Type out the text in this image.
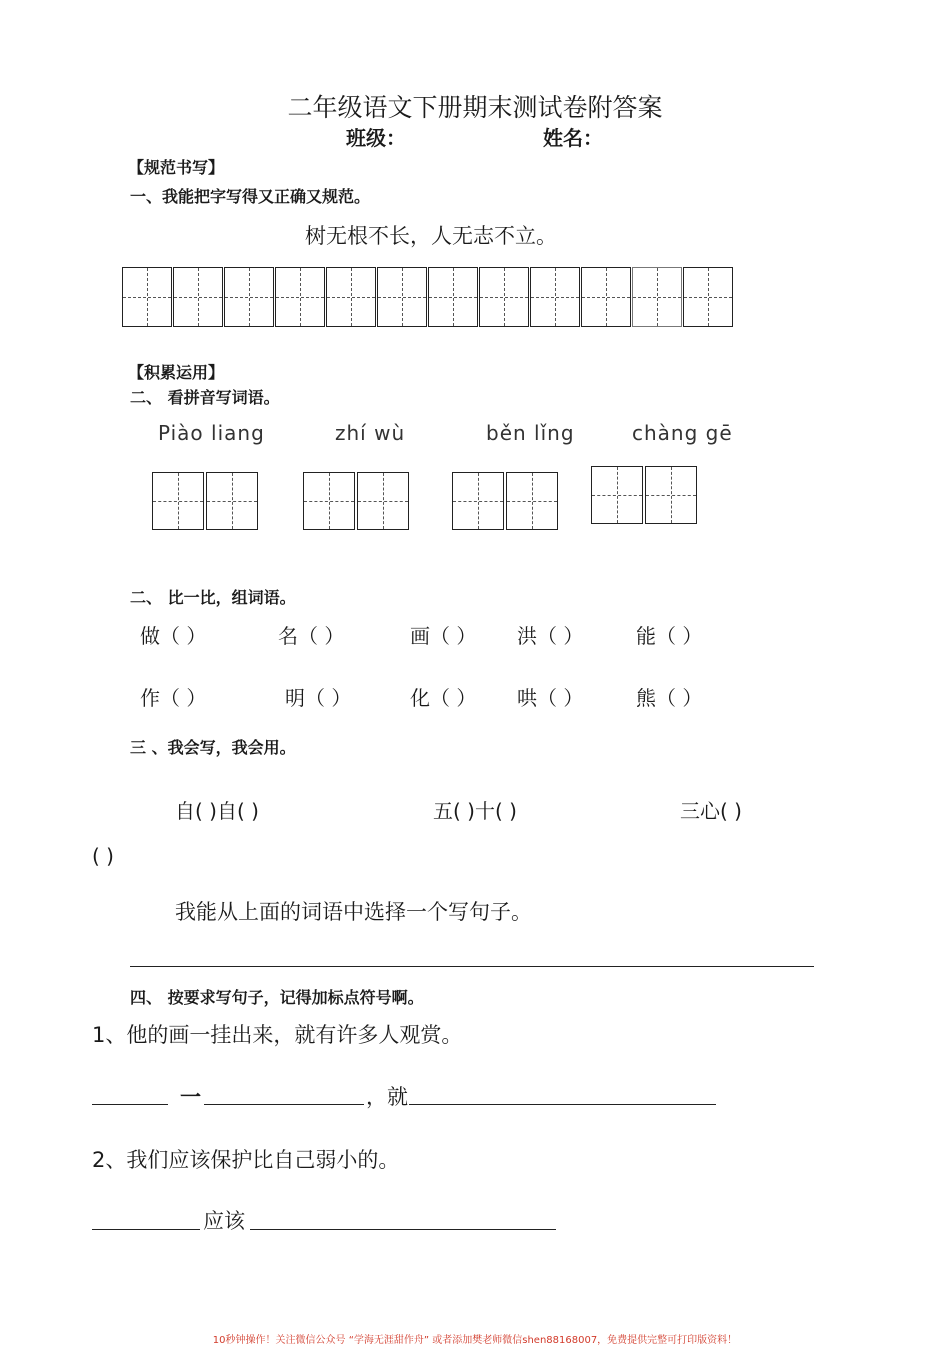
二年级语文下册期末测试卷附答案
班级：	姓名：
【规范书写】
一、我能把字写得又正确又规范。
树无根不长，人无志不立。
【积累运用】
二、 看拼音写词语。
Piào liang	zhí wù	běn lǐng	chàng gē
二、 比一比，组词语。
做（ ）	名（ ）	画（ ） 洪（ ）	能（ ）
作（ ）	明（ ）	化（ ） 哄（ ）	熊（ ）
三 、我会写，我会用。
自( )自( )	五( )十( )	三心( )
( )
我能从上面的词语中选择一个写句子。
四、 按要求写句子，记得加标点符号啊。
1、他的画一挂出来，就有许多人观赏。
一	，就
2、我们应该保护比自己弱小的。
应该
10秒钟操作！关注微信公众号 “学海无涯甜作舟” 或者添加樊老师微信shen88168007，免费提供完整可打印版资料！
